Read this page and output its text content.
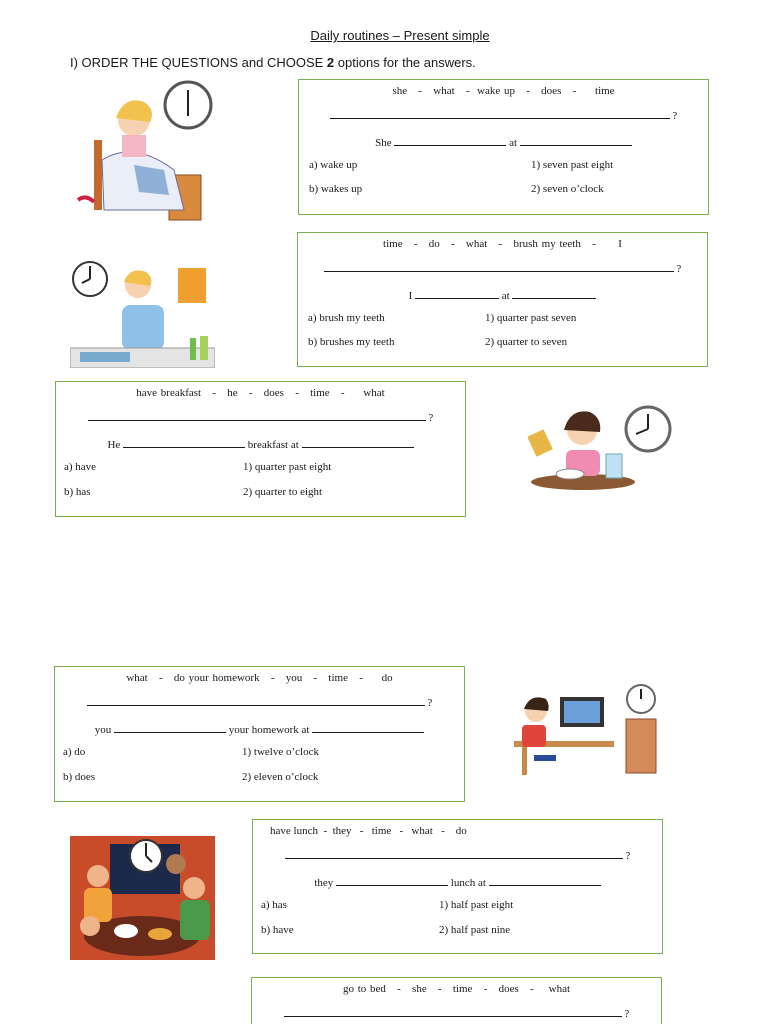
Daily routines – Present simple
I) ORDER THE QUESTIONS and CHOOSE 2 options for the answers.
she   -   what   -  wake up   -   does   -     time
?
She	at
a) wake up
b) wakes up
1) seven past eight
2) seven o’clock
time   -   do   -   what   -   brush my teeth   -      I
?
I	at
a) brush my teeth
b) brushes my teeth
1) quarter past seven
2) quarter to seven
have breakfast   -   he   -   does   -   time   -     what
?
He	breakfast at
a) have
b) has
1) quarter past eight
2) quarter to eight
what   -   do your homework   -   you   -   time   -     do
?
you	your homework at
a) do
b) does
1) twelve o’clock
2) eleven o’clock
have lunch  -  they   -   time   -   what   -    do
?
they	lunch at
a) has
b) have
1) half past eight
2) half past nine
go to bed   -   she   -   time   -   does   -    what
?
